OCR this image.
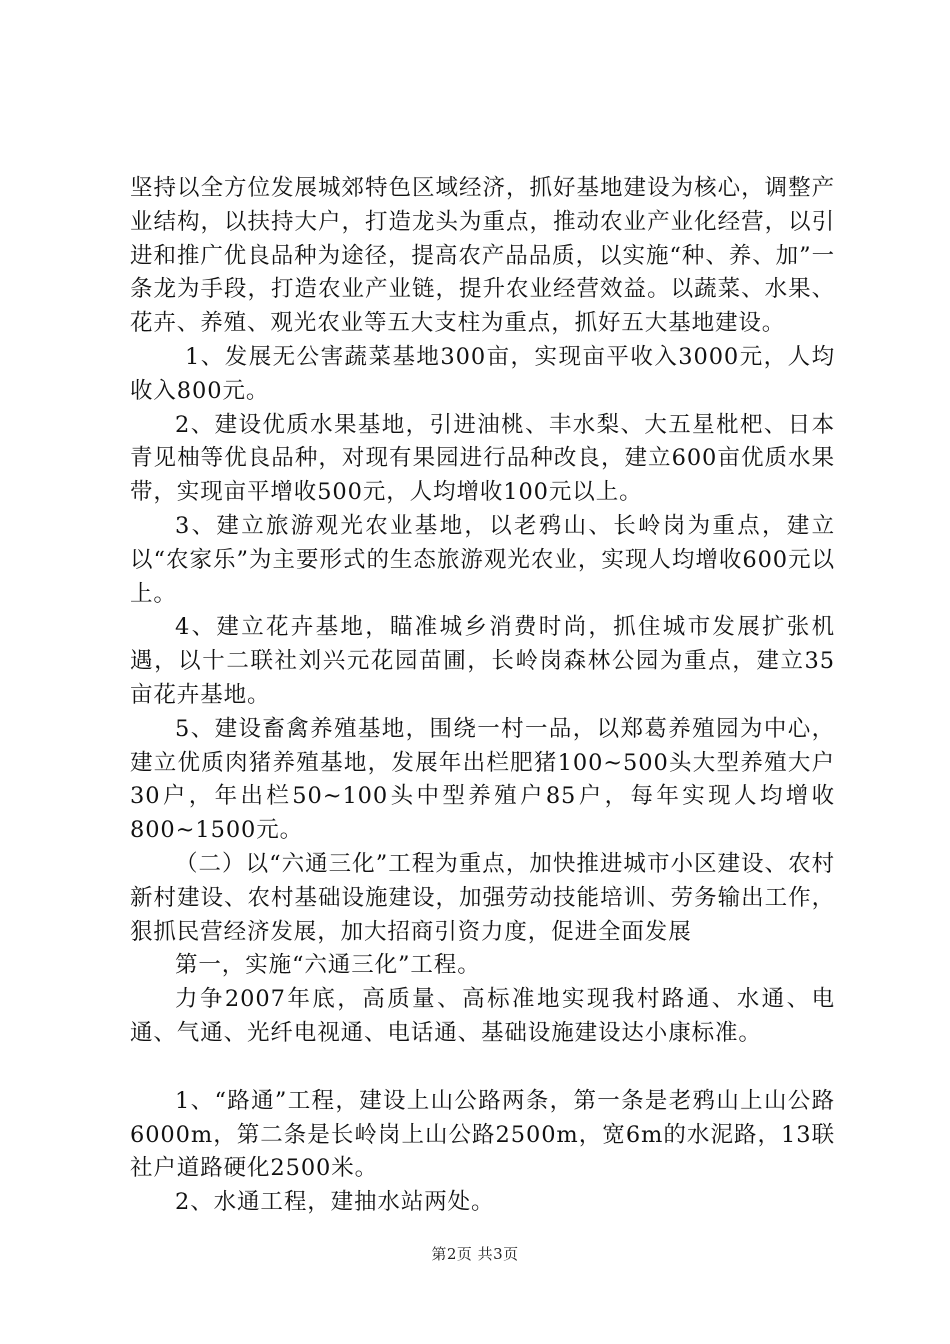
坚持以全方位发展城郊特色区域经济，抓好基地建设为核心，调整产业结构，以扶持大户，打造龙头为重点，推动农业产业化经营，以引进和推广优良品种为途径，提高农产品品质，以实施“种、养、加”一条龙为手段，打造农业产业链，提升农业经营效益。以蔬菜、水果、花卉、养殖、观光农业等五大支柱为重点，抓好五大基地建设。

1、发展无公害蔬菜基地300亩，实现亩平收入3000元，人均收入800元。

2、建设优质水果基地，引进油桃、丰水梨、大五星枇杷、日本青见柚等优良品种，对现有果园进行品种改良，建立600亩优质水果带，实现亩平增收500元，人均增收100元以上。

3、建立旅游观光农业基地，以老鸦山、长岭岗为重点，建立以“农家乐”为主要形式的生态旅游观光农业，实现人均增收600元以上。

4、建立花卉基地，瞄准城乡消费时尚，抓住城市发展扩张机遇，以十二联社刘兴元花园苗圃，长岭岗森林公园为重点，建立35亩花卉基地。

5、建设畜禽养殖基地，围绕一村一品，以郑葛养殖园为中心，建立优质肉猪养殖基地，发展年出栏肥猪100~500头大型养殖大户30户，年出栏50~100头中型养殖户85户，每年实现人均增收800~1500元。

（二）以“六通三化”工程为重点，加快推进城市小区建设、农村新村建设、农村基础设施建设，加强劳动技能培训、劳务输出工作，狠抓民营经济发展，加大招商引资力度，促进全面发展

第一，实施“六通三化”工程。

力争2007年底，高质量、高标准地实现我村路通、水通、电通、气通、光纤电视通、电话通、基础设施建设达小康标准。

1、“路通”工程，建设上山公路两条，第一条是老鸦山上山公路6000m，第二条是长岭岗上山公路2500m，宽6m的水泥路，13联社户道路硬化2500米。

2、水通工程，建抽水站两处。

第2页 共3页
